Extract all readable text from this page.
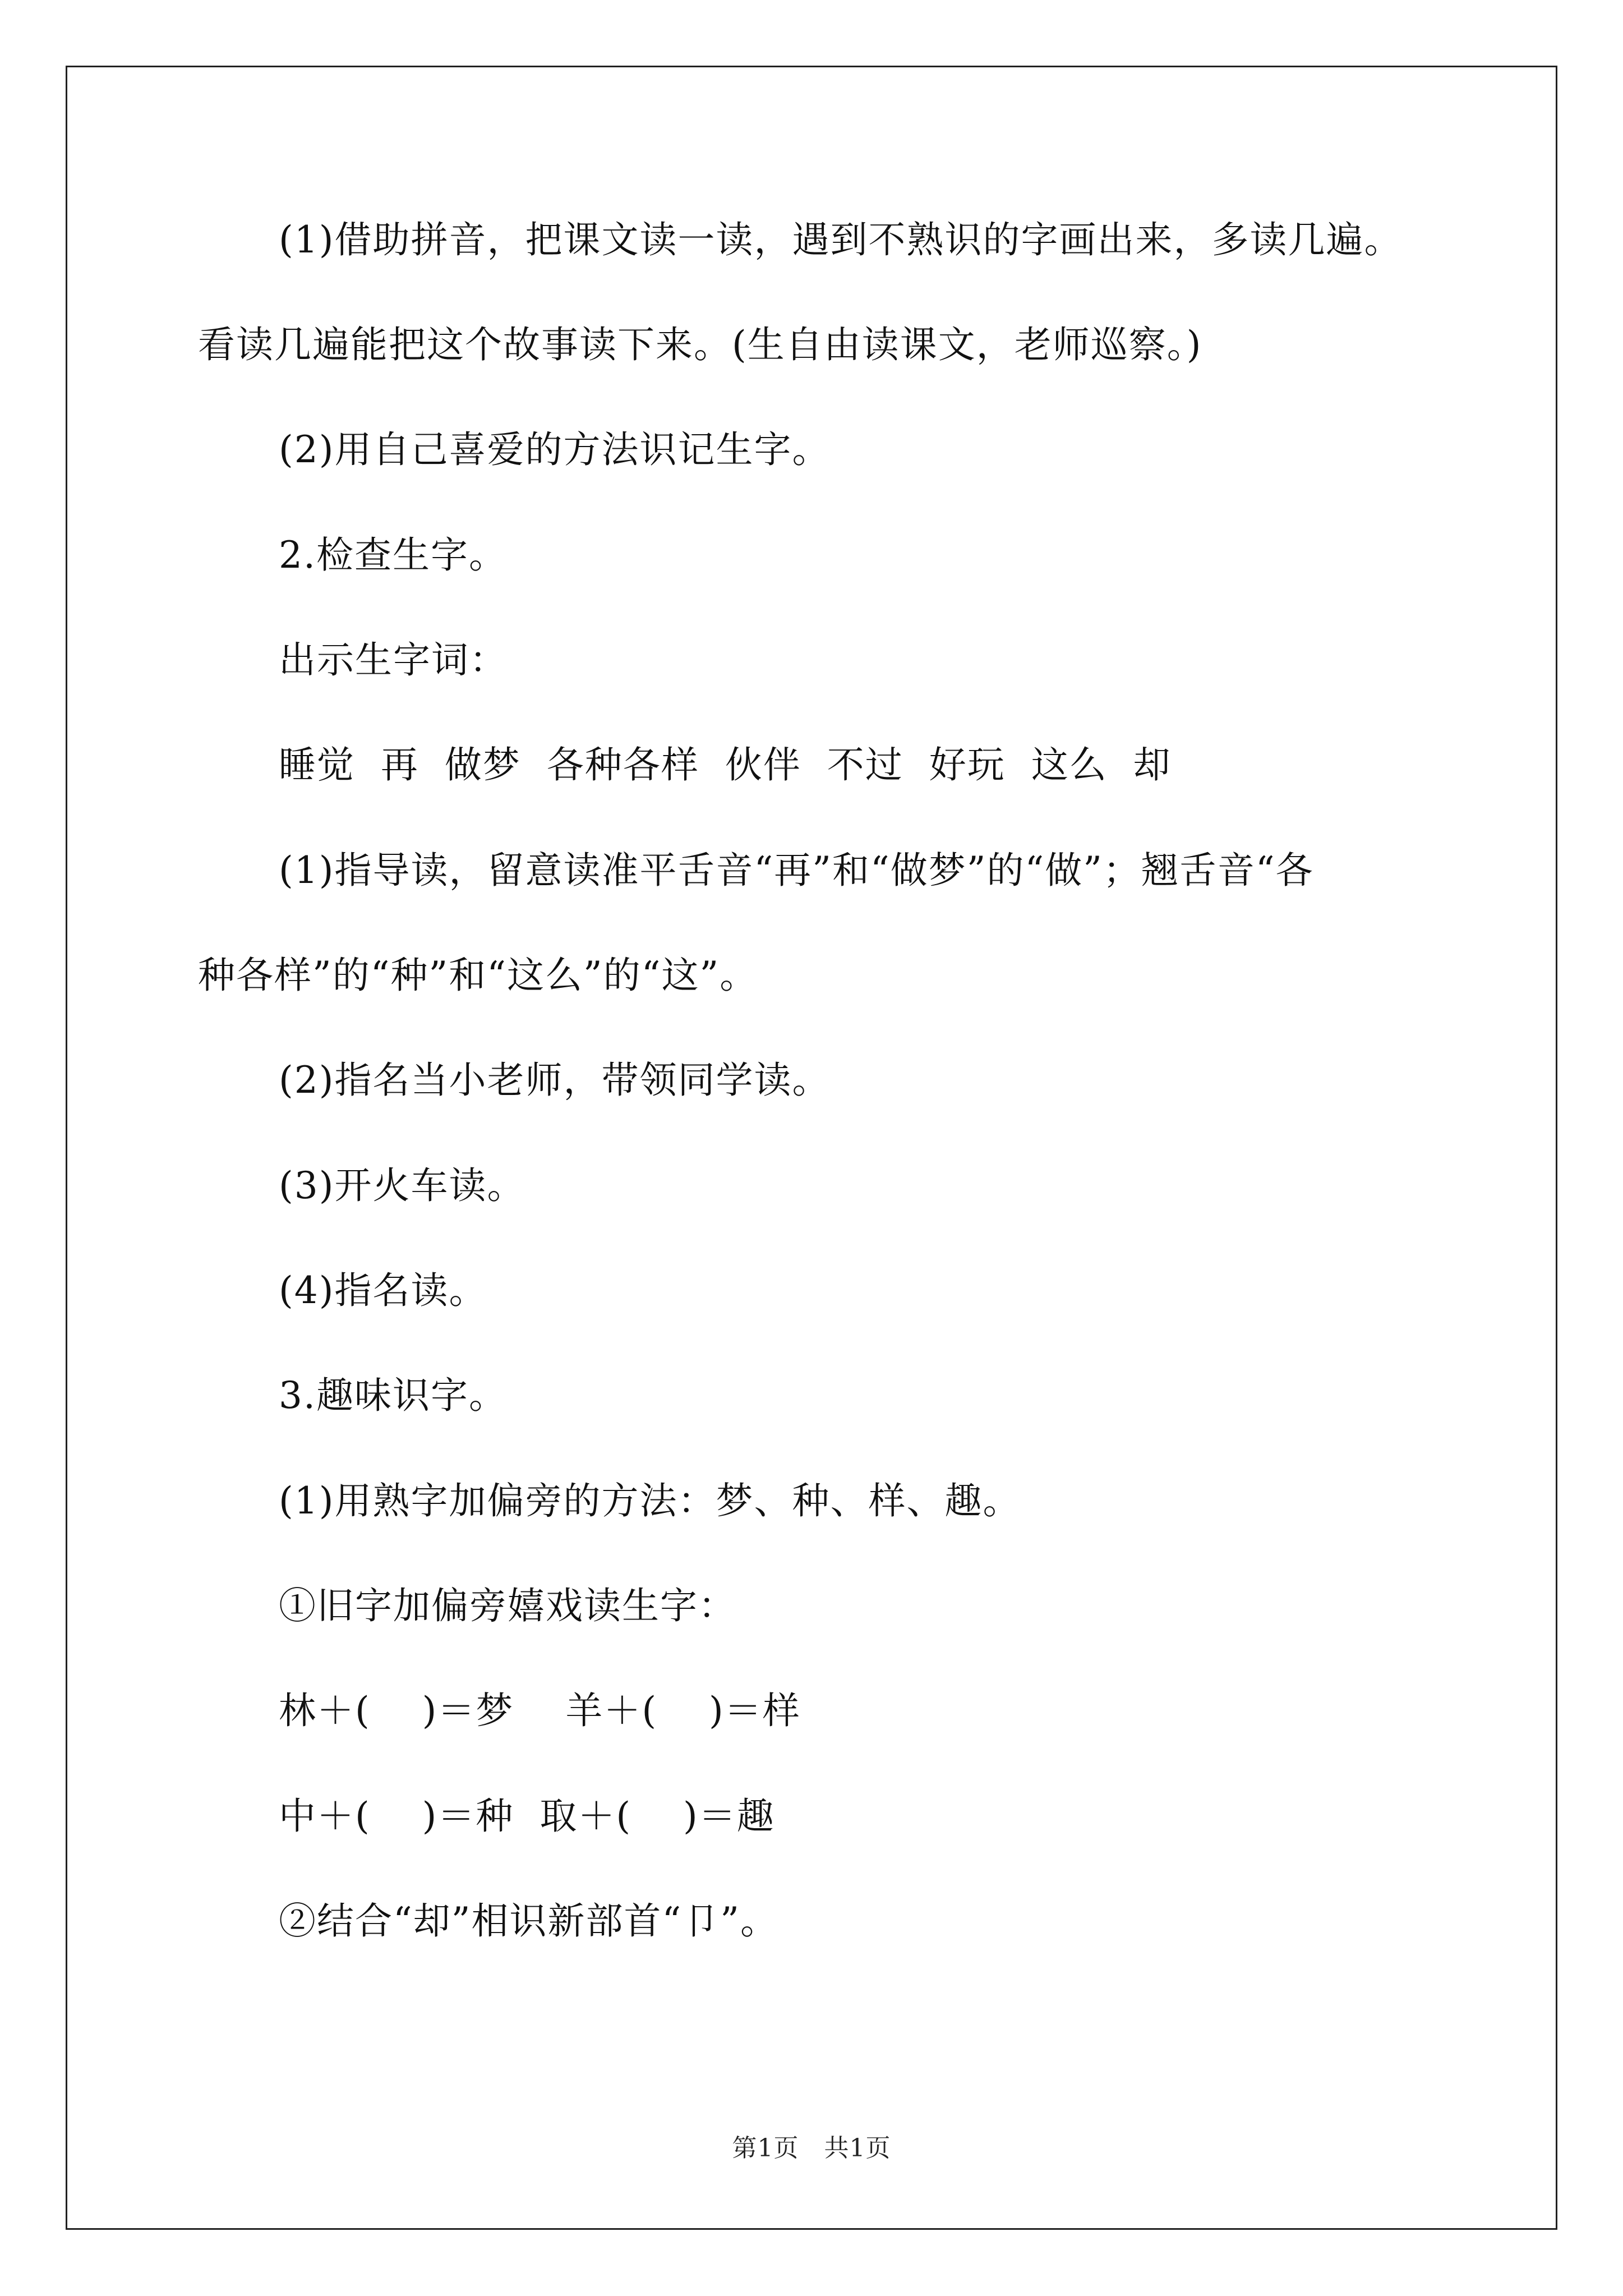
(1)借助拼音，把课文读一读，遇到不熟识的字画出来，多读几遍。
看读几遍能把这个故事读下来。(生自由读课文，老师巡察。)
(2)用自己喜爱的方法识记生字。
2.检查生字。
出示生字词：
睡觉  再  做梦  各种各样  伙伴  不过  好玩  这么  却
(1)指导读，留意读准平舌音“再”和“做梦”的“做”；翘舌音“各
种各样”的“种”和“这么”的“这”。
(2)指名当小老师，带领同学读。
(3)开火车读。
(4)指名读。
3.趣味识字。
(1)用熟字加偏旁的方法：梦、种、样、趣。
①旧字加偏旁嬉戏读生字：
林＋(    )＝梦    羊＋(    )＝样
中＋(    )＝种  取＋(    )＝趣
②结合“却”相识新部首“卩”。
第1页   共1页
